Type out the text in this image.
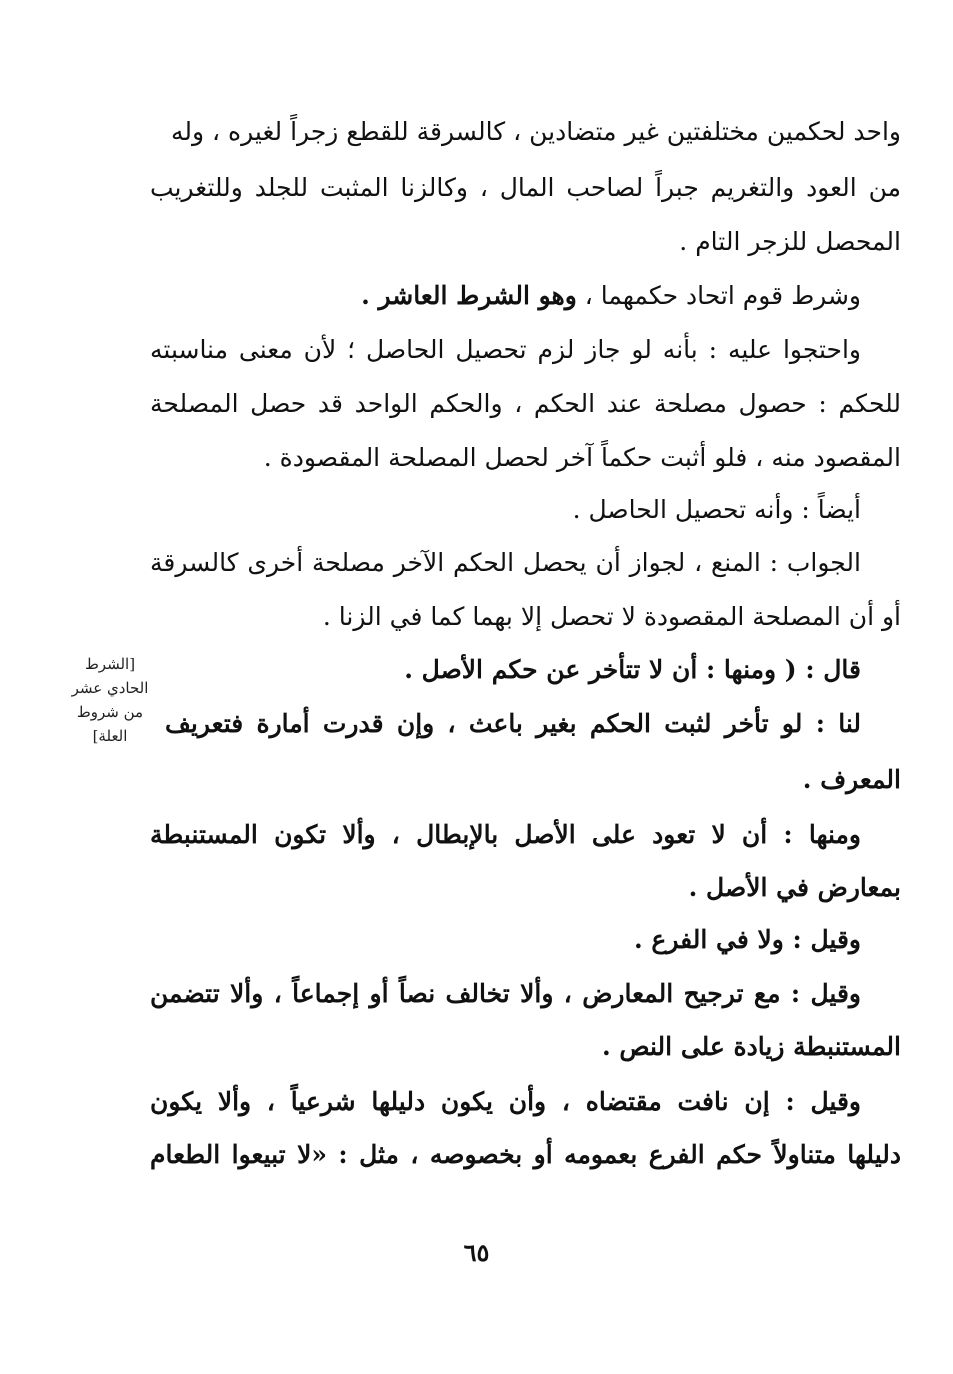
واحد لحكمين مختلفتين غير متضادين ، كالسرقة للقطع زجراً لغيره ، وله
من العود والتغريم جبراً لصاحب المال ، وكالزنا المثبت للجلد وللتغريب
المحصل للزجر التام .
وشرط قوم اتحاد حكمهما ، وهو الشرط العاشر .
واحتجوا عليه : بأنه لو جاز لزم تحصيل الحاصل ؛ لأن معنى مناسبته
للحكم : حصول مصلحة عند الحكم ، والحكم الواحد قد حصل المصلحة
المقصود منه ، فلو أثبت حكماً آخر لحصل المصلحة المقصودة .
أيضاً : وأنه تحصيل الحاصل .
الجواب : المنع ، لجواز أن يحصل الحكم الآخر مصلحة أخرى كالسرقة
أو أن المصلحة المقصودة لا تحصل إلا بهما كما في الزنا .
قال : ( ومنها : أن لا تتأخر عن حكم الأصل .
لنا : لو تأخر لثبت الحكم بغير باعث ، وإن قدرت أمارة فتعريف
المعرف .
[الشرط
الحادي عشر
من شروط
العلة]
ومنها : أن لا تعود على الأصل بالإبطال ، وألا تكون المستنبطة
بمعارض في الأصل .
وقيل : ولا في الفرع .
وقيل : مع ترجيح المعارض ، وألا تخالف نصاً أو إجماعاً ، وألا تتضمن
المستنبطة زيادة على النص .
وقيل : إن نافت مقتضاه ، وأن يكون دليلها شرعياً ، وألا يكون
دليلها متناولاً حكم الفرع بعمومه أو بخصوصه ، مثل : «لا تبيعوا الطعام
٦٥
